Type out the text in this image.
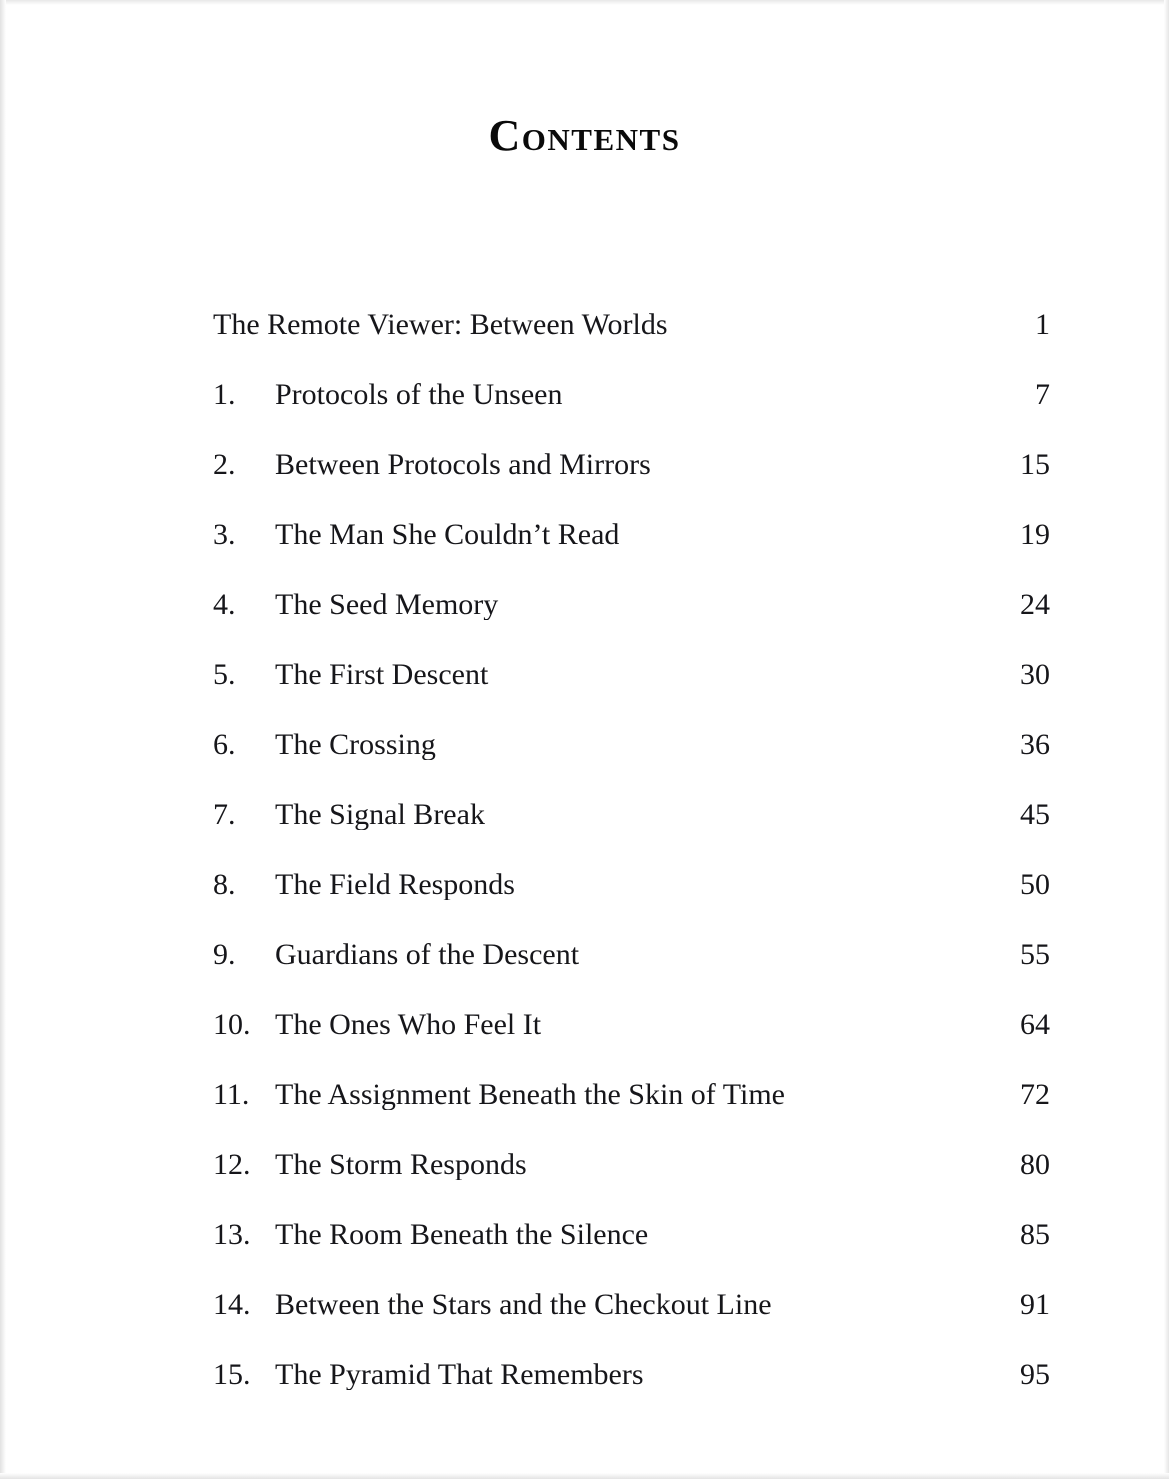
Contents
The Remote Viewer: Between Worlds	1
1.	Protocols of the Unseen	7
2.	Between Protocols and Mirrors	15
3.	The Man She Couldn’t Read	19
4.	The Seed Memory	24
5.	The First Descent	30
6.	The Crossing	36
7.	The Signal Break	45
8.	The Field Responds	50
9.	Guardians of the Descent	55
10. The Ones Who Feel It	64
11. The Assignment Beneath the Skin of Time	72
12. The Storm Responds	80
13. The Room Beneath the Silence	85
14. Between the Stars and the Checkout Line	91
15. The Pyramid That Remembers	95
